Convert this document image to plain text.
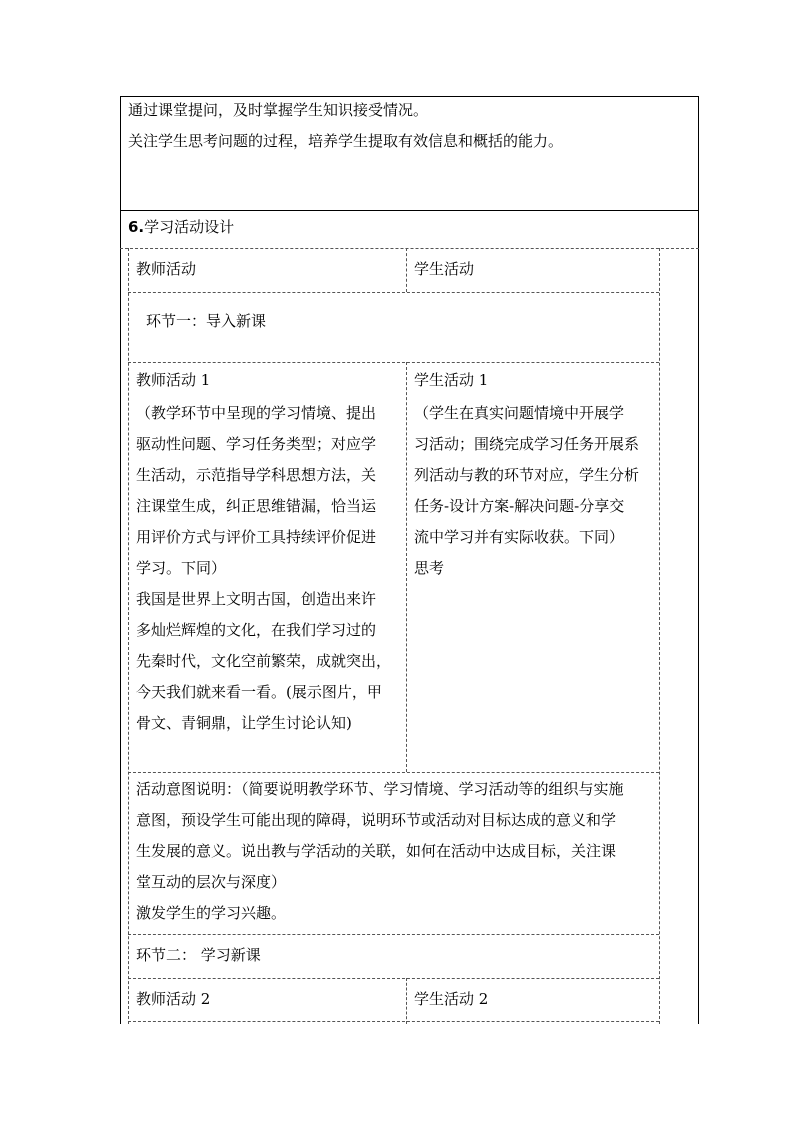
通过课堂提问，及时掌握学生知识接受情况。
关注学生思考问题的过程，培养学生提取有效信息和概括的能力。
6.学习活动设计
教师活动	学生活动
环节一：导入新课
教师活动 1
（教学环节中呈现的学习情境、提出
驱动性问题、学习任务类型；对应学
生活动，示范指导学科思想方法，关
注课堂生成，纠正思维错漏，恰当运
用评价方式与评价工具持续评价促进
学习。下同）
我国是世界上文明古国，创造出来许
多灿烂辉煌的文化，在我们学习过的
先秦时代，文化空前繁荣，成就突出，
今天我们就来看一看。(展示图片，甲
骨文、青铜鼎，让学生讨论认知)
学生活动 1
（学生在真实问题情境中开展学
习活动；围绕完成学习任务开展系
列活动与教的环节对应，学生分析
任务-设计方案-解决问题-分享交
流中学习并有实际收获。下同）
思考
活动意图说明：（简要说明教学环节、学习情境、学习活动等的组织与实施
意图，预设学生可能出现的障碍，说明环节或活动对目标达成的意义和学
生发展的意义。说出教与学活动的关联，如何在活动中达成目标，关注课
堂互动的层次与深度）
激发学生的学习兴趣。
环节二： 学习新课
教师活动 2	学生活动 2
